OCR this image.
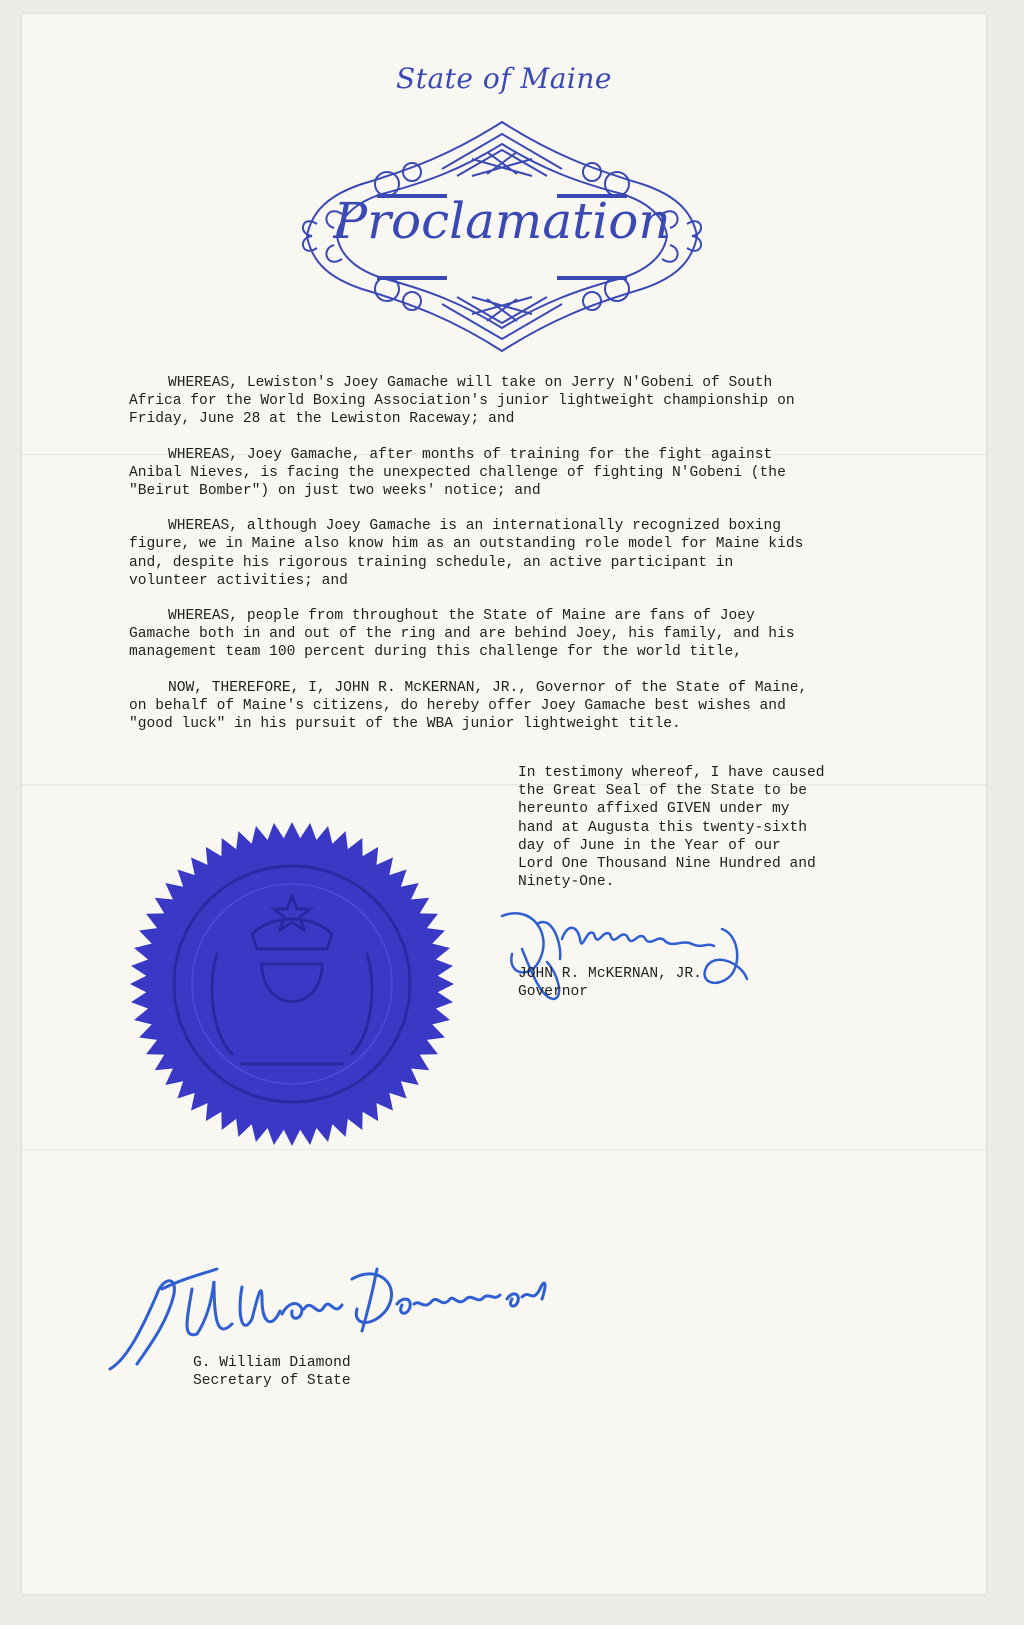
State of Maine
Proclamation

WHEREAS, Lewiston's Joey Gamache will take on Jerry N'Gobeni of South
Africa for the World Boxing Association's junior lightweight championship on
Friday, June 28 at the Lewiston Raceway; and

WHEREAS, Joey Gamache, after months of training for the fight against
Anibal Nieves, is facing the unexpected challenge of fighting N'Gobeni (the
"Beirut Bomber") on just two weeks' notice; and

WHEREAS, although Joey Gamache is an internationally recognized boxing
figure, we in Maine also know him as an outstanding role model for Maine kids
and, despite his rigorous training schedule, an active participant in
volunteer activities; and

WHEREAS, people from throughout the State of Maine are fans of Joey
Gamache both in and out of the ring and are behind Joey, his family, and his
management team 100 percent during this challenge for the world title,

NOW, THEREFORE, I, JOHN R. McKERNAN, JR., Governor of the State of Maine,
on behalf of Maine's citizens, do hereby offer Joey Gamache best wishes and
"good luck" in his pursuit of the WBA junior lightweight title.

In testimony whereof, I have caused
the Great Seal of the State to be
hereunto affixed GIVEN under my
hand at Augusta this twenty-sixth
day of June in the Year of our
Lord One Thousand Nine Hundred and
Ninety-One.
JOHN R. McKERNAN, JR.
Governor
G. William Diamond
Secretary of State
